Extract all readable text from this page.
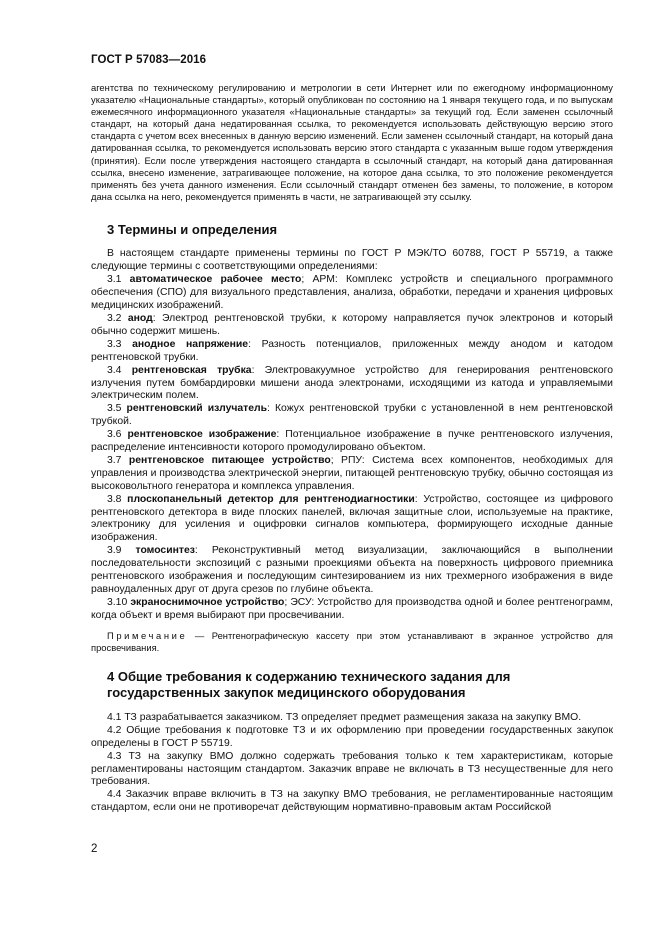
ГОСТ Р 57083—2016

агентства по техническому регулированию и метрологии в сети Интернет или по ежегодному информационному указателю «Национальные стандарты», который опубликован по состоянию на 1 января текущего года, и по выпускам ежемесячного информационного указателя «Национальные стандарты» за текущий год. Если заменен ссылочный стандарт, на который дана недатированная ссылка, то рекомендуется использовать действующую версию этого стандарта с учетом всех внесенных в данную версию изменений. Если заменен ссылочный стандарт, на который дана датированная ссылка, то рекомендуется использовать версию этого стандарта с указанным выше годом утверждения (принятия). Если после утверждения настоящего стандарта в ссылочный стандарт, на который дана датированная ссылка, внесено изменение, затрагивающее положение, на которое дана ссылка, то это положение рекомендуется применять без учета данного изменения. Если ссылочный стандарт отменен без замены, то положение, в котором дана ссылка на него, рекомендуется применять в части, не затрагивающей эту ссылку.

3 Термины и определения

В настоящем стандарте применены термины по ГОСТ Р МЭК/ТО 60788, ГОСТ Р 55719, а также следующие термины с соответствующими определениями:

3.1 автоматическое рабочее место; АРМ: Комплекс устройств и специального программного обеспечения (СПО) для визуального представления, анализа, обработки, передачи и хранения цифровых медицинских изображений.

3.2 анод: Электрод рентгеновской трубки, к которому направляется пучок электронов и который обычно содержит мишень.

3.3 анодное напряжение: Разность потенциалов, приложенных между анодом и катодом рентгеновской трубки.

3.4 рентгеновская трубка: Электровакуумное устройство для генерирования рентгеновского излучения путем бомбардировки мишени анода электронами, исходящими из катода и управляемыми электрическим полем.

3.5 рентгеновский излучатель: Кожух рентгеновской трубки с установленной в нем рентгеновской трубкой.

3.6 рентгеновское изображение: Потенциальное изображение в пучке рентгеновского излучения, распределение интенсивности которого промодулировано объектом.

3.7 рентгеновское питающее устройство; РПУ: Система всех компонентов, необходимых для управления и производства электрической энергии, питающей рентгеновскую трубку, обычно состоящая из высоковольтного генератора и комплекса управления.

3.8 плоскопанельный детектор для рентгенодиагностики: Устройство, состоящее из цифрового рентгеновского детектора в виде плоских панелей, включая защитные слои, используемые на практике, электронику для усиления и оцифровки сигналов компьютера, формирующего исходные данные изображения.

3.9 томосинтез: Реконструктивный метод визуализации, заключающийся в выполнении последовательности экспозиций с разными проекциями объекта на поверхность цифрового приемника рентгеновского изображения и последующим синтезированием из них трехмерного изображения в виде равноудаленных друг от друга срезов по глубине объекта.

3.10 экраноснимочное устройство; ЭСУ: Устройство для производства одной и более рентгенограмм, когда объект и время выбирают при просвечивании.

Примечание — Рентгенографическую кассету при этом устанавливают в экранное устройство для просвечивания.

4 Общие требования к содержанию технического задания для государственных закупок медицинского оборудования

4.1 ТЗ разрабатывается заказчиком. ТЗ определяет предмет размещения заказа на закупку ВМО.

4.2 Общие требования к подготовке ТЗ и их оформлению при проведении государственных закупок определены в ГОСТ Р 55719.

4.3 ТЗ на закупку ВМО должно содержать требования только к тем характеристикам, которые регламентированы настоящим стандартом. Заказчик вправе не включать в ТЗ несущественные для него требования.

4.4 Заказчик вправе включить в ТЗ на закупку ВМО требования, не регламентированные настоящим стандартом, если они не противоречат действующим нормативно-правовым актам Российской

2
